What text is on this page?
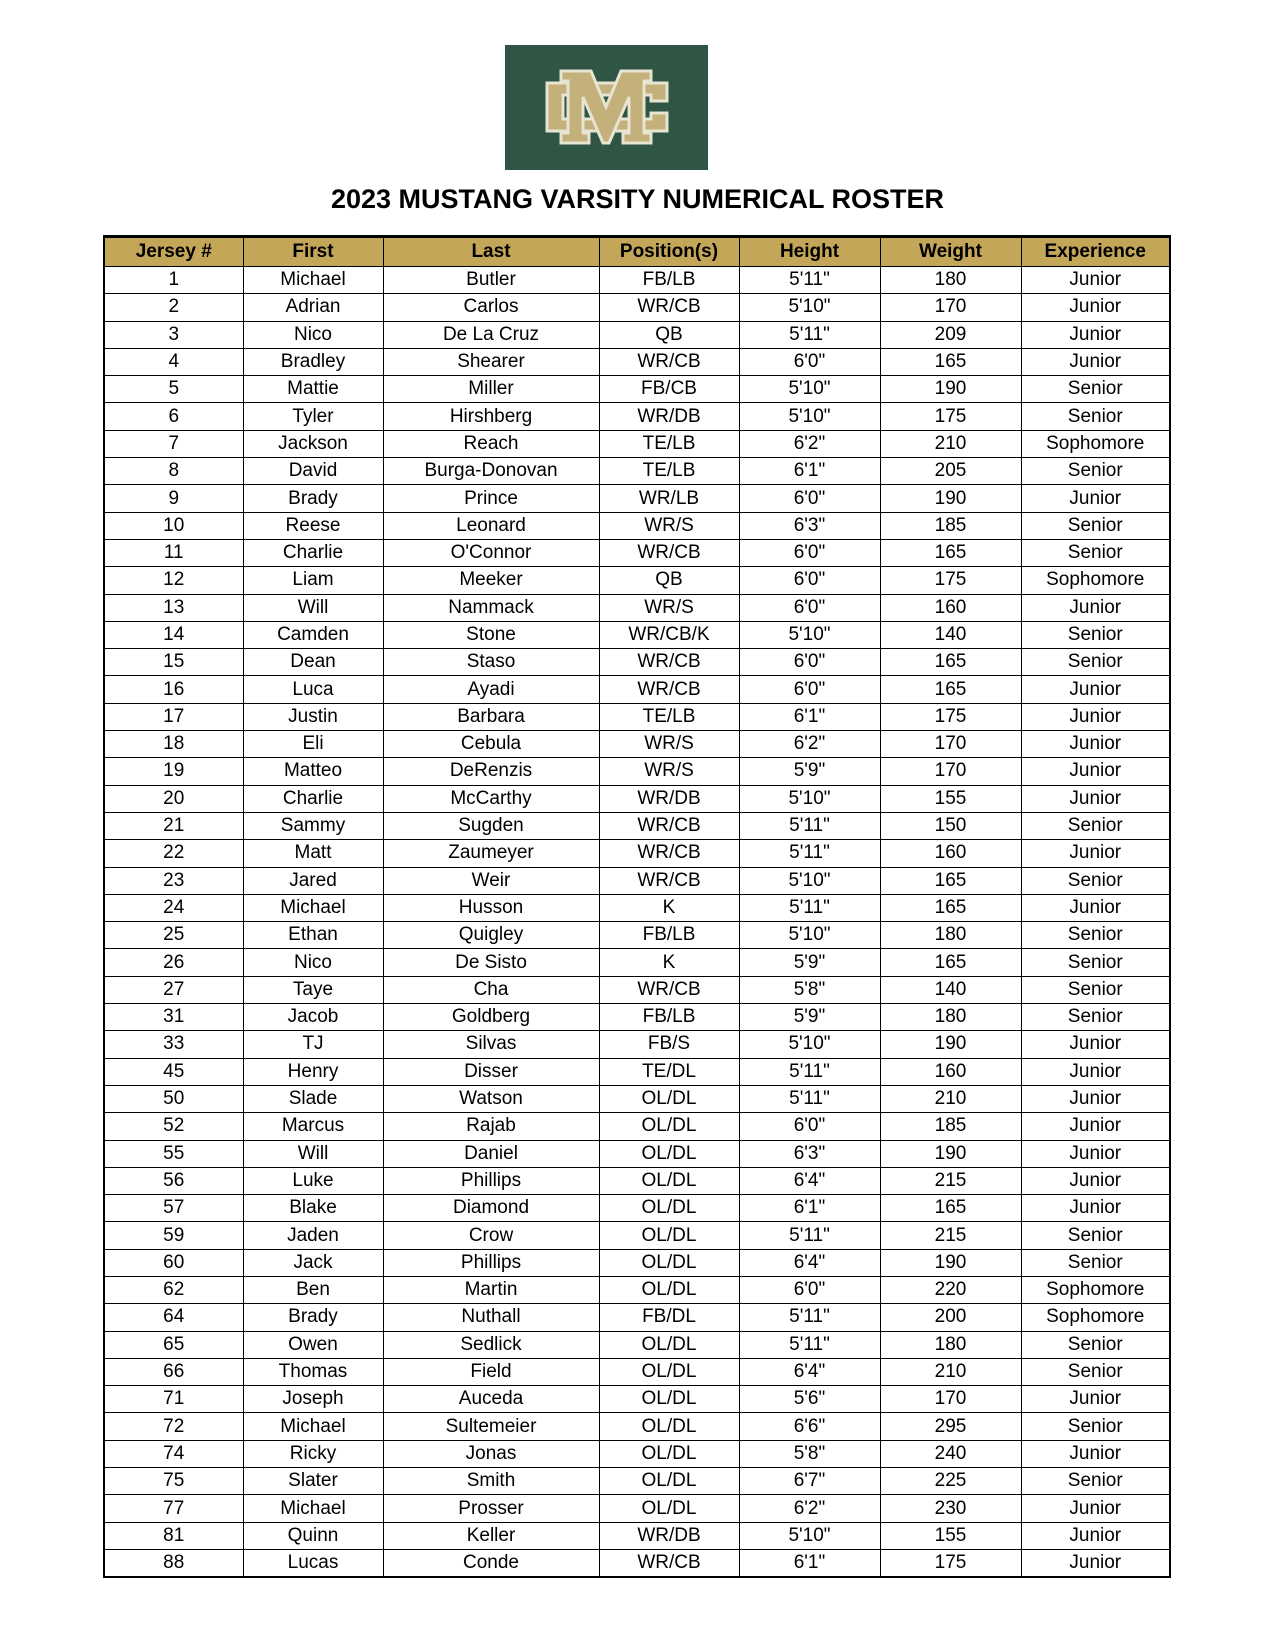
2023 MUSTANG VARSITY NUMERICAL ROSTER
Jersey #	First	Last	Position(s)	Height	Weight	Experience
1	Michael	Butler	FB/LB	5'11"	180	Junior
2	Adrian	Carlos	WR/CB	5'10"	170	Junior
3	Nico	De La Cruz	QB	5'11"	209	Junior
4	Bradley	Shearer	WR/CB	6'0"	165	Junior
5	Mattie	Miller	FB/CB	5'10"	190	Senior
6	Tyler	Hirshberg	WR/DB	5'10"	175	Senior
7	Jackson	Reach	TE/LB	6'2"	210	Sophomore
8	David	Burga-Donovan	TE/LB	6'1"	205	Senior
9	Brady	Prince	WR/LB	6'0"	190	Junior
10	Reese	Leonard	WR/S	6'3"	185	Senior
11	Charlie	O'Connor	WR/CB	6'0"	165	Senior
12	Liam	Meeker	QB	6'0"	175	Sophomore
13	Will	Nammack	WR/S	6'0"	160	Junior
14	Camden	Stone	WR/CB/K	5'10"	140	Senior
15	Dean	Staso	WR/CB	6'0"	165	Senior
16	Luca	Ayadi	WR/CB	6'0"	165	Junior
17	Justin	Barbara	TE/LB	6'1"	175	Junior
18	Eli	Cebula	WR/S	6'2"	170	Junior
19	Matteo	DeRenzis	WR/S	5'9"	170	Junior
20	Charlie	McCarthy	WR/DB	5'10"	155	Junior
21	Sammy	Sugden	WR/CB	5'11"	150	Senior
22	Matt	Zaumeyer	WR/CB	5'11"	160	Junior
23	Jared	Weir	WR/CB	5'10"	165	Senior
24	Michael	Husson	K	5'11"	165	Junior
25	Ethan	Quigley	FB/LB	5'10"	180	Senior
26	Nico	De Sisto	K	5'9"	165	Senior
27	Taye	Cha	WR/CB	5'8"	140	Senior
31	Jacob	Goldberg	FB/LB	5'9"	180	Senior
33	TJ	Silvas	FB/S	5'10"	190	Junior
45	Henry	Disser	TE/DL	5'11"	160	Junior
50	Slade	Watson	OL/DL	5'11"	210	Junior
52	Marcus	Rajab	OL/DL	6'0"	185	Junior
55	Will	Daniel	OL/DL	6'3"	190	Junior
56	Luke	Phillips	OL/DL	6'4"	215	Junior
57	Blake	Diamond	OL/DL	6'1"	165	Junior
59	Jaden	Crow	OL/DL	5'11"	215	Senior
60	Jack	Phillips	OL/DL	6'4"	190	Senior
62	Ben	Martin	OL/DL	6'0"	220	Sophomore
64	Brady	Nuthall	FB/DL	5'11"	200	Sophomore
65	Owen	Sedlick	OL/DL	5'11"	180	Senior
66	Thomas	Field	OL/DL	6'4"	210	Senior
71	Joseph	Auceda	OL/DL	5'6"	170	Junior
72	Michael	Sultemeier	OL/DL	6'6"	295	Senior
74	Ricky	Jonas	OL/DL	5'8"	240	Junior
75	Slater	Smith	OL/DL	6'7"	225	Senior
77	Michael	Prosser	OL/DL	6'2"	230	Junior
81	Quinn	Keller	WR/DB	5'10"	155	Junior
88	Lucas	Conde	WR/CB	6'1"	175	Junior
